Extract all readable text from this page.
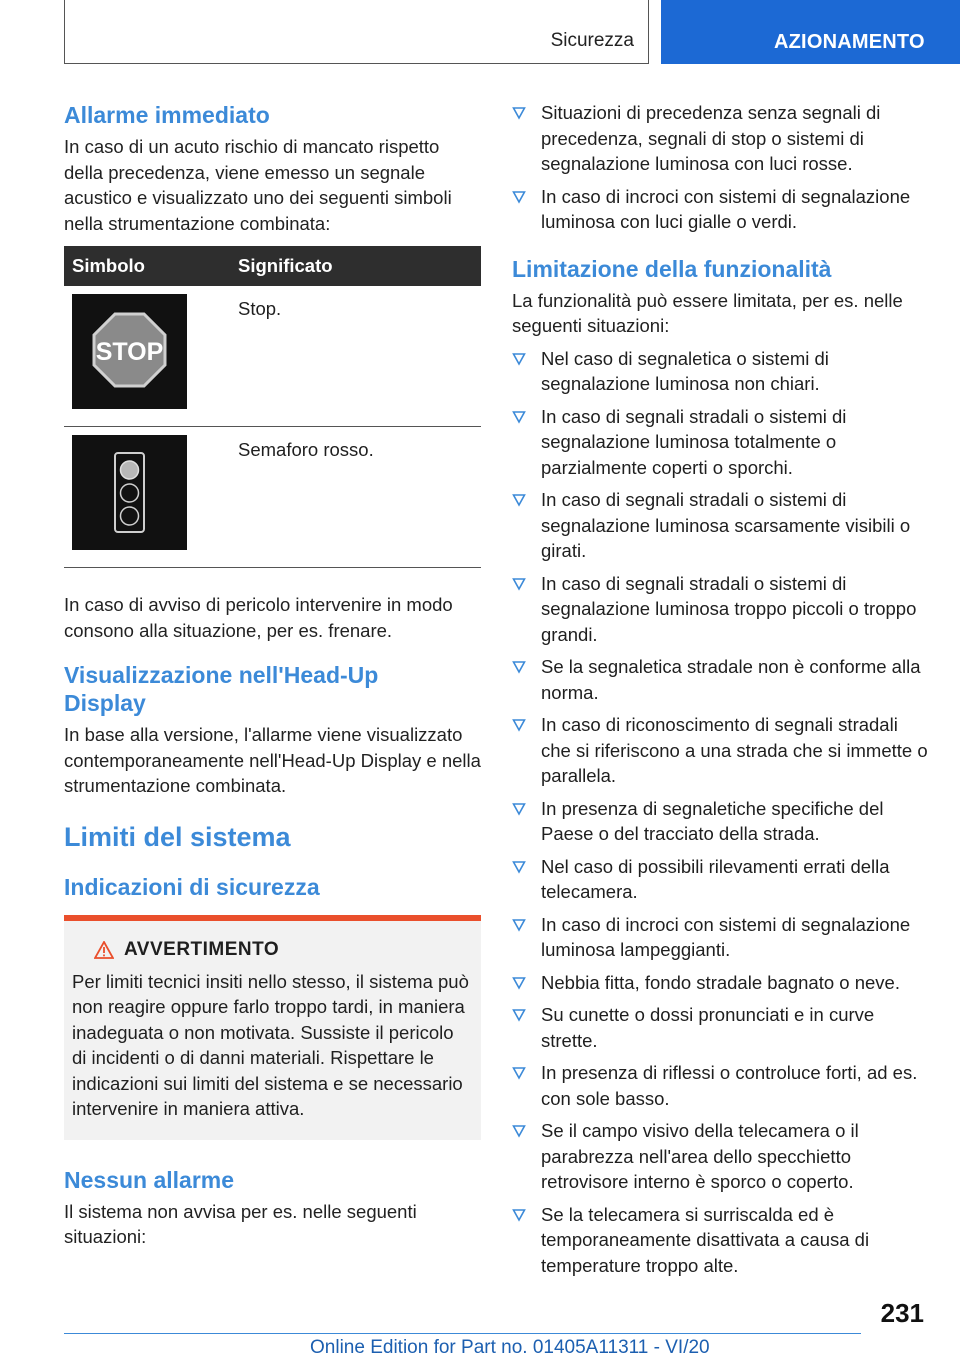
Sicurezza	AZIONAMENTO
Allarme immediato

In caso di un acuto rischio di mancato rispetto della precedenza, viene emesso un segnale acustico e visualizzato uno dei seguenti simboli nella strumentazione combinata:

Simbolo	Significato

STOP	Stop.
	Semaforo rosso.

In caso di avviso di pericolo intervenire in modo consono alla situazione, per es. frenare.

Visualizzazione nell'Head-Up
Display

In base alla versione, l'allarme viene visualizzato contemporaneamente nell'Head-Up Display e nella strumentazione combinata.

Limiti del sistema
Indicazioni di sicurezza
AVVERTIMENTO

Per limiti tecnici insiti nello stesso, il sistema può non reagire oppure farlo troppo tardi, in maniera inadeguata o non motivata. Sussiste il pericolo di incidenti o di danni materiali. Rispettare le indicazioni sui limiti del sistema e se necessario intervenire in maniera attiva.

Nessun allarme

Il sistema non avvisa per es. nelle seguenti situazioni:

Situazioni di precedenza senza segnali di precedenza, segnali di stop o sistemi di segnalazione luminosa con luci rosse.
In caso di incroci con sistemi di segnalazione luminosa con luci gialle o verdi.
Limitazione della funzionalità

La funzionalità può essere limitata, per es. nelle seguenti situazioni:

Nel caso di segnaletica o sistemi di segnalazione luminosa non chiari.
In caso di segnali stradali o sistemi di segnalazione luminosa totalmente o parzialmente coperti o sporchi.
In caso di segnali stradali o sistemi di segnalazione luminosa scarsamente visibili o girati.
In caso di segnali stradali o sistemi di segnalazione luminosa troppo piccoli o troppo grandi.
Se la segnaletica stradale non è conforme alla norma.
In caso di riconoscimento di segnali stradali che si riferiscono a una strada che si immette o parallela.
In presenza di segnaletiche specifiche del Paese o del tracciato della strada.
Nel caso di possibili rilevamenti errati della telecamera.
In caso di incroci con sistemi di segnalazione luminosa lampeggianti.
Nebbia fitta, fondo stradale bagnato o neve.
Su cunette o dossi pronunciati e in curve strette.
In presenza di riflessi o controluce forti, ad es. con sole basso.
Se il campo visivo della telecamera o il parabrezza nell'area dello specchietto retrovisore interno è sporco o coperto.
Se la telecamera si surriscalda ed è temporaneamente disattivata a causa di temperature troppo alte.
231
Online Edition for Part no. 01405A11311 - VI/20
